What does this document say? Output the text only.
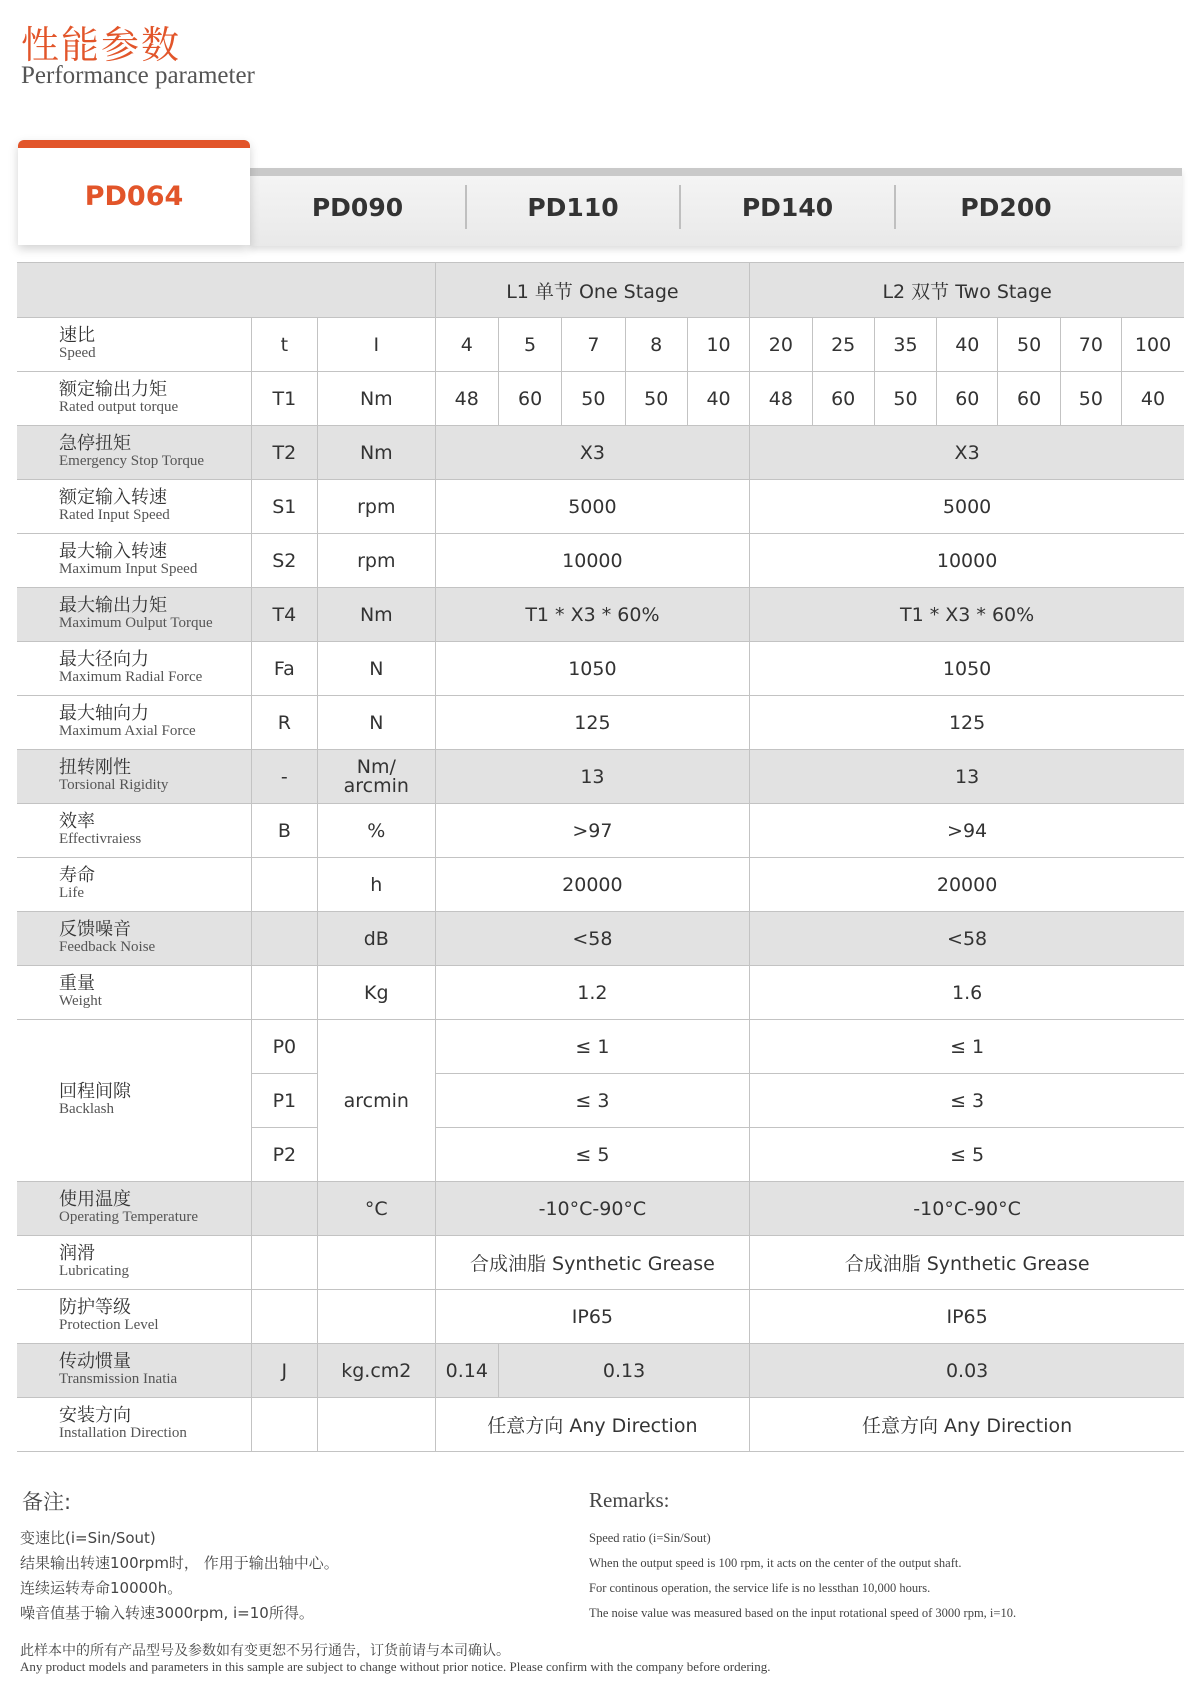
性能参数
Performance parameter
PD064	PD090	PD110	PD140	PD200
			L1 单节 One Stage					L2 双节 Two Stage						

速比
Speed	t	I	4	5	7	8	10	20	25	35	40	50	70	100

额定输出力矩
Rated output torque	T1	Nm	48	60	50	50	40	48	60	50	60	60	50	40

急停扭矩
Emergency Stop Torque	T2	Nm	X3					X3						

额定输入转速
Rated Input Speed	S1	rpm	5000					5000						

最大输入转速
Maximum Input Speed	S2	rpm	10000					10000						

最大输出力矩
Maximum Oulput Torque	T4	Nm	T1 * X3 * 60%					T1 * X3 * 60%						

最大径向力
Maximum Radial Force	Fa	N	1050					1050						

最大轴向力
Maximum Axial Force	R	N	125					125						

扭转刚性
Torsional Rigidity	-	Nm/ arcmin	13					13						

效率
Effectivraiess	B	%	>97					>94						

寿命
Life		h	20000					20000						

反馈噪音
Feedback Noise		dB	<58					<58						

重量
Weight		Kg	1.2					1.6						

回程间隙
Backlash	P0	arcmin	≤ 1					≤ 1						
	P1		≤ 3					≤ 3						
	P2		≤ 5					≤ 5						

使用温度
Operating Temperature		°C	-10°C-90°C					-10°C-90°C						

润滑
Lubricating			合成油脂 Synthetic Grease					合成油脂 Synthetic Grease						

防护等级
Protection Level			IP65					IP65						

传动惯量
Transmission Inatia	J	kg.cm2	0.14	0.13				0.03						

安装方向
Installation Direction			任意方向 Any Direction					任意方向 Any Direction						
备注:
变速比(i=Sin/Sout)
结果输出转速100rpm时， 作用于输出轴中心。
连续运转寿命10000h。
噪音值基于输入转速3000rpm, i=10所得。
Remarks:
Speed ratio (i=Sin/Sout)
When the output speed is 100 rpm, it acts on the center of the output shaft.
For continous operation, the service life is no lessthan 10,000 hours.
The noise value was measured based on the input rotational speed of 3000 rpm, i=10.
此样本中的所有产品型号及参数如有变更恕不另行通告，订货前请与本司确认。
Any product models and parameters in this sample are subject to change without prior notice. Please confirm with the company before ordering.
